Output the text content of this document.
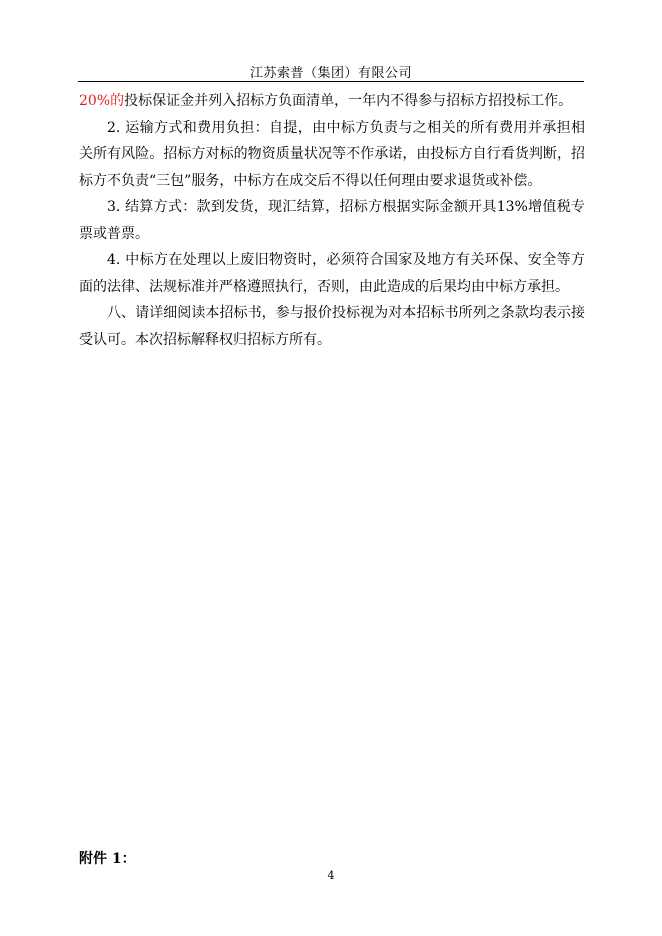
江苏索普（集团）有限公司

20%的投标保证金并列入招标方负面清单，一年内不得参与招标方招投标工作。

2. 运输方式和费用负担：自提，由中标方负责与之相关的所有费用并承担相关所有风险。招标方对标的物资质量状况等不作承诺，由投标方自行看货判断，招标方不负责“三包”服务，中标方在成交后不得以任何理由要求退货或补偿。

3. 结算方式：款到发货，现汇结算，招标方根据实际金额开具13%增值税专票或普票。

4. 中标方在处理以上废旧物资时，必须符合国家及地方有关环保、安全等方面的法律、法规标准并严格遵照执行，否则，由此造成的后果均由中标方承担。

八、请详细阅读本招标书，参与报价投标视为对本招标书所列之条款均表示接受认可。本次招标解释权归招标方所有。

附件 1：
4
